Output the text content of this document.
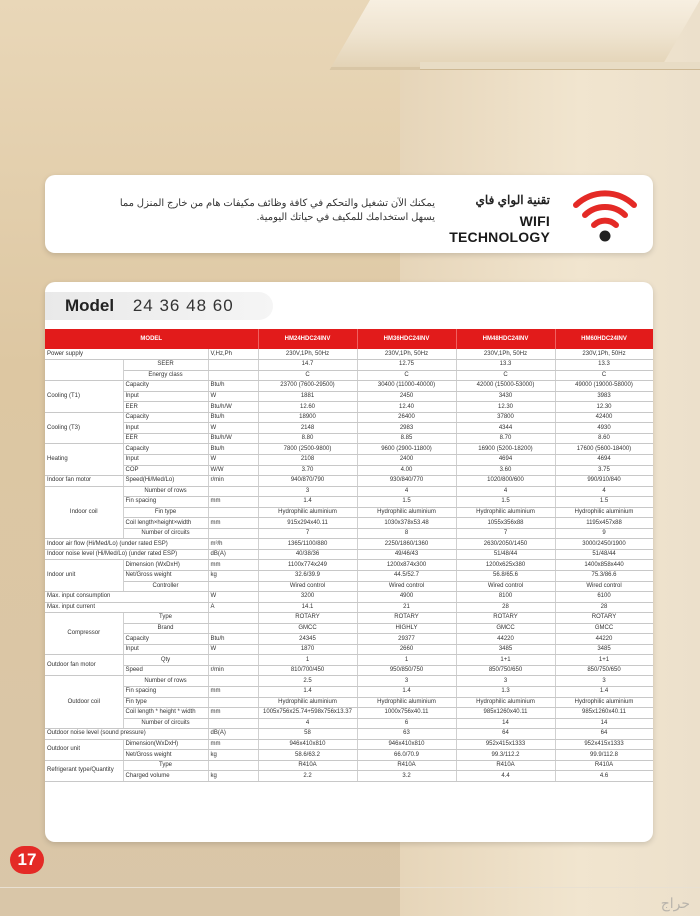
يمكنك الآن تشغيل والتحكم في كافة وظائف مكيفات هام من خارج المنزل مما
يسهل استخدامك للمكيف في حياتك اليومية.
تقنية الواي فاي
WIFI TECHNOLOGY
Model 24 36 48 60
MODEL			HM24HDC24INV	HM36HDC24INV	HM48HDC24INV	HM60HDC24INV
Power supply		V,Hz,Ph	230V,1Ph, 50Hz	230V,1Ph, 50Hz	230V,1Ph, 50Hz	230V,1Ph, 50Hz
	SEER		14.7	12.75	13.3	13.3
	Energy class		C	C	C	C
Cooling (T1)	Capacity	Btu/h	23700 (7600-29500)	30400 (11000-40000)	42000 (15000-53000)	49000 (19000-58000)
	Input	W	1881	2450	3430	3983
	EER	Btu/h/W	12.60	12.40	12.30	12.30
Cooling (T3)	Capacity	Btu/h	18900	26400	37800	42400
	Input	W	2148	2983	4344	4930
	EER	Btu/h/W	8.80	8.85	8.70	8.60
Heating	Capacity	Btu/h	7800 (2500-9800)	9600 (2900-11800)	16900 (5200-18200)	17600 (5600-18400)
	Input	W	2108	2400	4694	4694
	COP	W/W	3.70	4.00	3.60	3.75
Indoor fan motor	Speed(Hi/Med/Lo)	r/min	940/870/790	930/840/770	1020/800/600	990/910/840
Indoor coil	Number of rows		3	4	4	4
	Fin spacing	mm	1.4	1.5	1.5	1.5
	Fin type		Hydrophilic aluminium	Hydrophilic aluminium	Hydrophilic aluminium	Hydrophilic aluminium
	Coil length×height×width	mm	915x294x40.11	1030x378x53.48	1055x356x88	1195x457x88
	Number of circuits		7	8	7	9
Indoor air flow (Hi/Med/Lo) (under rated ESP)		m³/h	1365/1100/880	2250/1860/1360	2630/2050/1450	3000/2450/1900
Indoor noise level (Hi/Med/Lo) (under rated ESP)		dB(A)	40/38/36	49/46/43	51/48/44	51/48/44
Indoor unit	Dimension (WxDxH)	mm	1100x774x249	1200x874x300	1200x625x380	1400x858x440
	Net/Gross weight	kg	32.6/39.9	44.5/52.7	56.8/65.6	75.3/86.6
	Controller		Wired control	Wired control	Wired control	Wired control
Max. input consumption		W	3200	4900	8100	6100
Max. input current		A	14.1	21	28	28
Compressor	Type		ROTARY	ROTARY	ROTARY	ROTARY
	Brand		GMCC	HIGHLY	GMCC	GMCC
	Capacity	Btu/h	24345	29377	44220	44220
	Input	W	1870	2660	3485	3485
Outdoor fan motor	Qty		1	1	1+1	1+1
	Speed	r/min	810/700/450	950/850/750	850/750/650	850/750/650
Outdoor coil	Number of rows		2.5	3	3	3
	Fin spacing	mm	1.4	1.4	1.3	1.4
	Fin type		Hydrophilic aluminium	Hydrophilic aluminium	Hydrophilic aluminium	Hydrophilic aluminium
	Coil length * height * width	mm	1005x756x25.74+598x756x13.37	1000x756x40.11	985x1260x40.11	985x1260x40.11
	Number of circuits		4	6	14	14
Outdoor noise level (sound pressure)		dB(A)	58	63	64	64
Outdoor unit	Dimension(WxDxH)	mm	946x410x810	946x410x810	952x415x1333	952x415x1333
	Net/Gross weight	kg	58.6/63.2	66.0/70.9	99.3/112.2	99.9/112.8
Refrigerant type/Quantity	Type		R410A	R410A	R410A	R410A
	Charged volume	kg	2.2	3.2	4.4	4.6
17
حراج
